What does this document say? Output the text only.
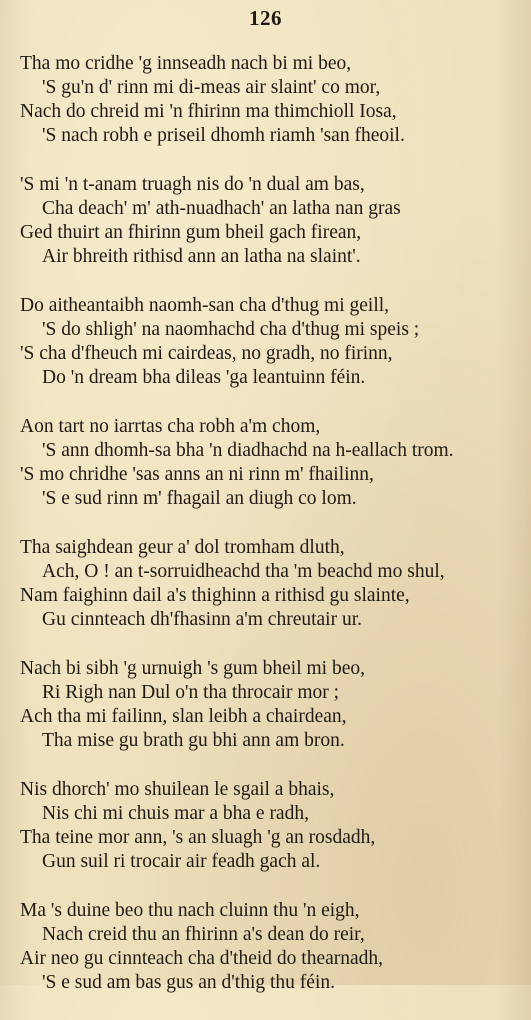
126
Tha mo cridhe 'g innseadh nach bi mi beo,
'S gu'n d' rinn mi di-meas air slaint' co mor,
Nach do chreid mi 'n fhirinn ma thimchioll Iosa,
'S nach robh e priseil dhomh riamh 'san fheoil.
'S mi 'n t-anam truagh nis do 'n dual am bas,
Cha deach' m' ath-nuadhach' an latha nan gras
Ged thuirt an fhirinn gum bheil gach firean,
Air bhreith rithisd ann an latha na slaint'.
Do aitheantaibh naomh-san cha d'thug mi geill,
'S do shligh' na naomhachd cha d'thug mi speis ;
'S cha d'fheuch mi cairdeas, no gradh, no firinn,
Do 'n dream bha dileas 'ga leantuinn féin.
Aon tart no iarrtas cha robh a'm chom,
'S ann dhomh-sa bha 'n diadhachd na h-eallach trom.
'S mo chridhe 'sas anns an ni rinn m' fhailinn,
'S e sud rinn m' fhagail an diugh co lom.
Tha saighdean geur a' dol tromham dluth,
Ach, O ! an t-sorruidheachd tha 'm beachd mo shul,
Nam faighinn dail a's thighinn a rithisd gu slainte,
Gu cinnteach dh'fhasinn a'm chreutair ur.
Nach bi sibh 'g urnuigh 's gum bheil mi beo,
Ri Righ nan Dul o'n tha throcair mor ;
Ach tha mi failinn, slan leibh a chairdean,
Tha mise gu brath gu bhi ann am bron.
Nis dhorch' mo shuilean le sgail a bhais,
Nis chi mi chuis mar a bha e radh,
Tha teine mor ann, 's an sluagh 'g an rosdadh,
Gun suil ri trocair air feadh gach al.
Ma 's duine beo thu nach cluinn thu 'n eigh,
Nach creid thu an fhirinn a's dean do reir,
Air neo gu cinnteach cha d'theid do thearnadh,
'S e sud am bas gus an d'thig thu féin.
